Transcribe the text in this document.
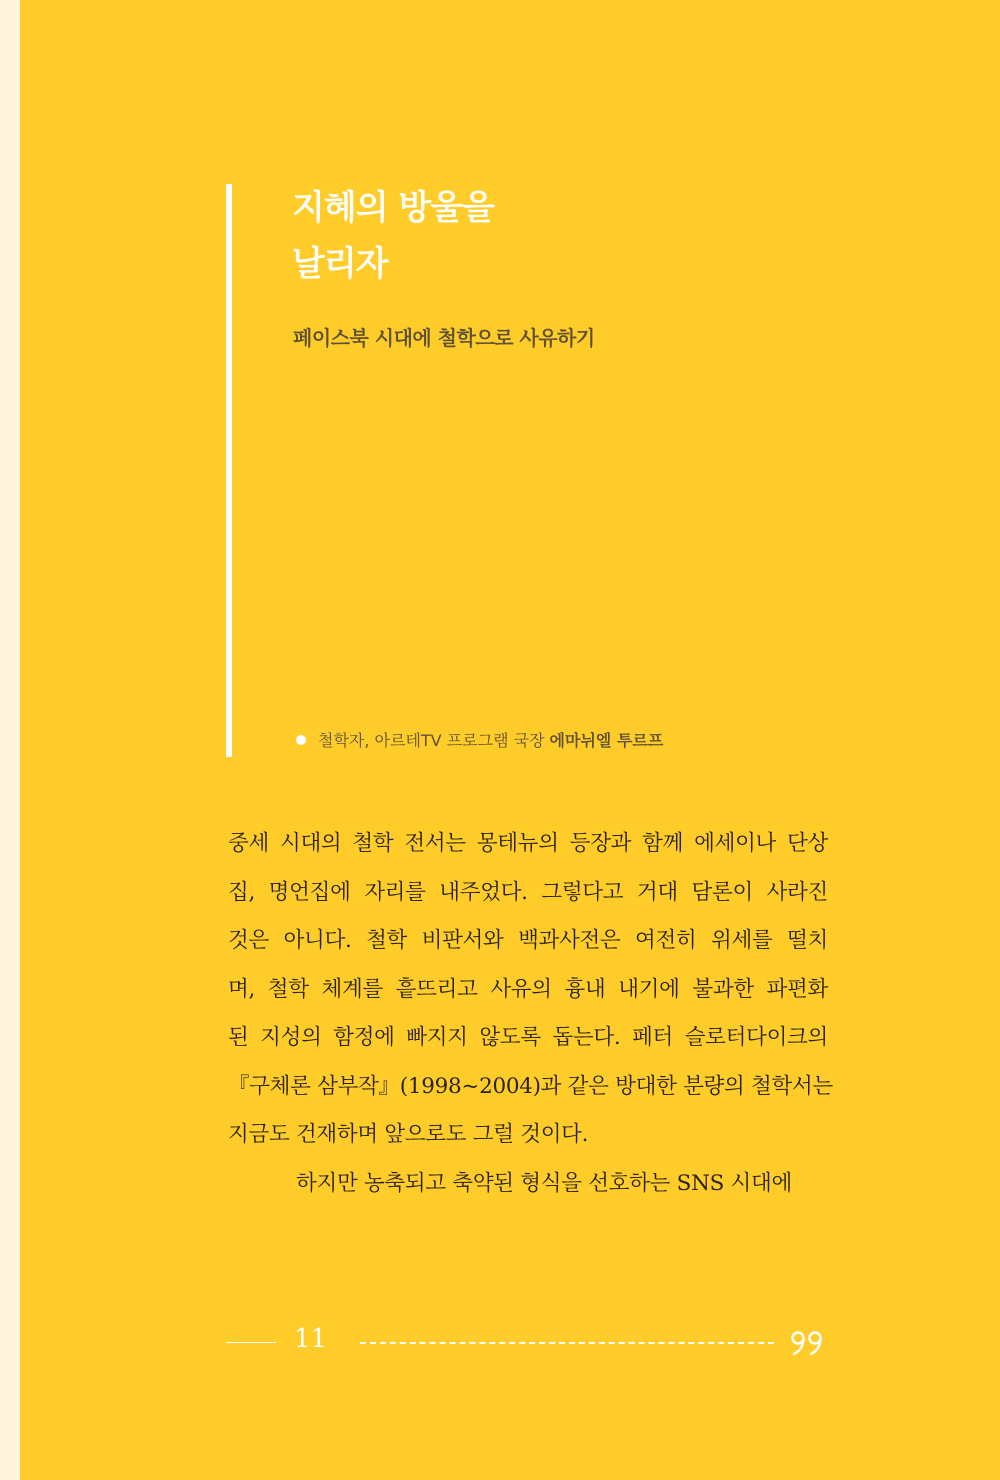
지혜의 방울을
날리자
페이스북 시대에 철학으로 사유하기
철학자, 아르테TV 프로그램 국장 에마뉘엘 투르프
중세 시대의 철학 전서는 몽테뉴의 등장과 함께 에세이나 단상
집, 명언집에 자리를 내주었다. 그렇다고 거대 담론이 사라진
것은 아니다. 철학 비판서와 백과사전은 여전히 위세를 떨치
며, 철학 체계를 흩뜨리고 사유의 흉내 내기에 불과한 파편화
된 지성의 함정에 빠지지 않도록 돕는다. 페터 슬로터다이크의
『구체론 삼부작』(1998~2004)과 같은 방대한 분량의 철학서는
지금도 건재하며 앞으로도 그럴 것이다.
하지만 농축되고 축약된 형식을 선호하는 SNS 시대에
11
